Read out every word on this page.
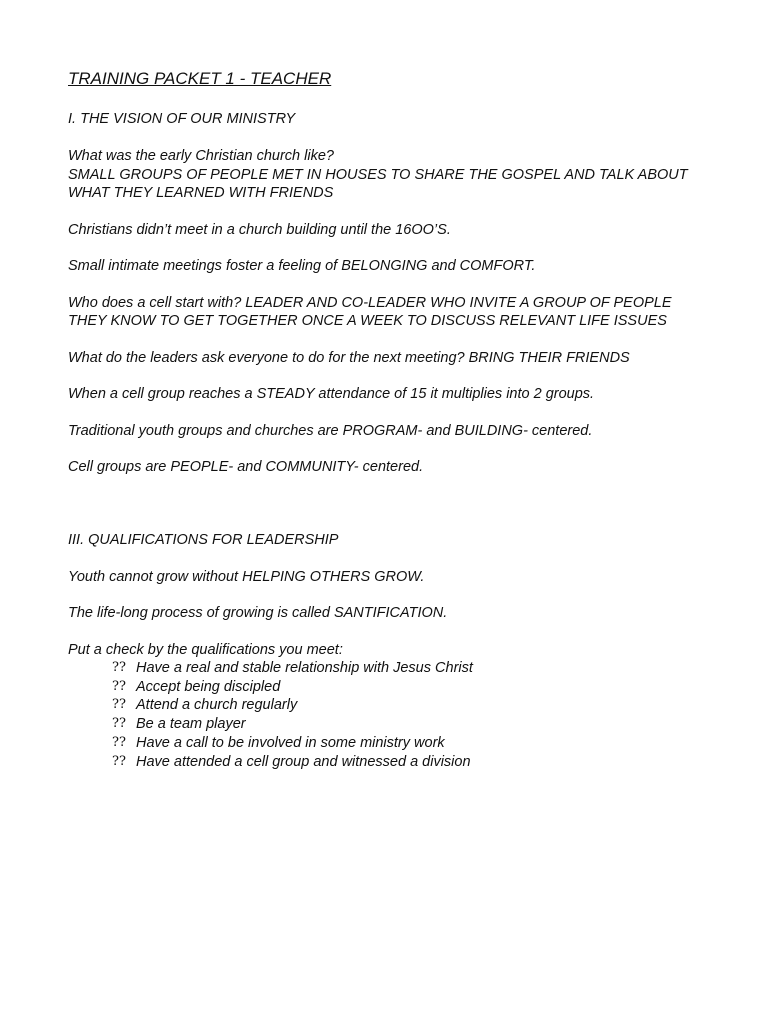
TRAINING PACKET 1 - TEACHER
I. THE VISION OF OUR MINISTRY
What was the early Christian church like?
SMALL GROUPS OF PEOPLE MET IN HOUSES TO SHARE THE GOSPEL AND TALK ABOUT
WHAT THEY LEARNED WITH FRIENDS
Christians didn’t meet in a church building until the 16OO’S.
Small intimate meetings foster a feeling of BELONGING and COMFORT.
Who does a cell start with? LEADER AND CO-LEADER WHO INVITE A GROUP OF PEOPLE
THEY KNOW TO GET TOGETHER ONCE A WEEK TO DISCUSS RELEVANT LIFE ISSUES
What do the leaders ask everyone to do for the next meeting? BRING THEIR FRIENDS
When a cell group reaches a STEADY attendance of 15 it multiplies into 2 groups.
Traditional youth groups and churches are PROGRAM- and BUILDING- centered.
Cell groups are PEOPLE- and COMMUNITY- centered.
III. QUALIFICATIONS FOR LEADERSHIP
Youth cannot grow without HELPING OTHERS GROW.
The life-long process of growing is called SANTIFICATION.
Put a check by the qualifications you meet:
?? Have a real and stable relationship with Jesus Christ
?? Accept being discipled
?? Attend a church regularly
?? Be a team player
?? Have a call to be involved in some ministry work
?? Have attended a cell group and witnessed a division
